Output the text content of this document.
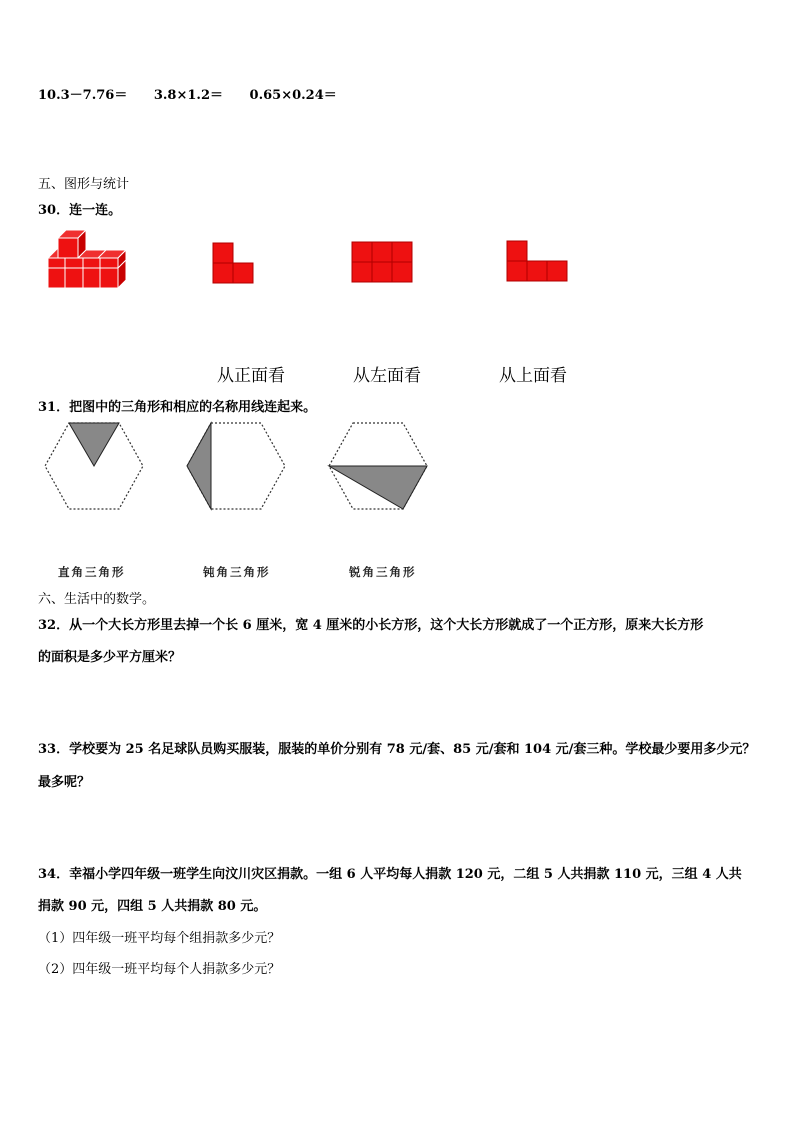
10.3－7.76＝ 3.8×1.2＝ 0.65×0.24＝
五、图形与统计
30．连一连。
从正面看	从左面看	从上面看
31．把图中的三角形和相应的名称用线连起来。
直角三角形	钝角三角形	锐角三角形
六、生活中的数学。
32．从一个大长方形里去掉一个长 6 厘米，宽 4 厘米的小长方形，这个大长方形就成了一个正方形，原来大长方形
的面积是多少平方厘米？
33．学校要为 25 名足球队员购买服装，服装的单价分别有 78 元/套、85 元/套和 104 元/套三种。学校最少要用多少元？
最多呢？
34．幸福小学四年级一班学生向汶川灾区捐款。一组 6 人平均每人捐款 120 元，二组 5 人共捐款 110 元，三组 4 人共
捐款 90 元，四组 5 人共捐款 80 元。
（1）四年级一班平均每个组捐款多少元？
（2）四年级一班平均每个人捐款多少元？
